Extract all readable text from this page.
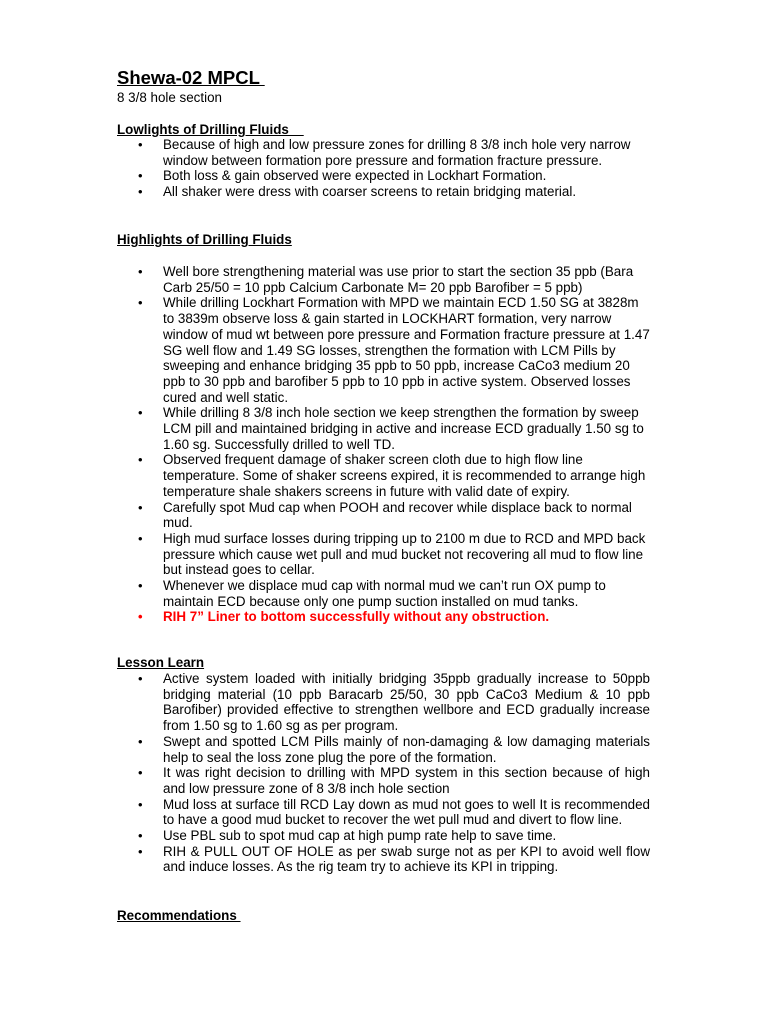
Shewa-02 MPCL
8 3/8 hole section
Lowlights of Drilling Fluids
• Because of high and low pressure zones for drilling 8 3/8 inch hole very narrow window between formation pore pressure and formation fracture pressure.
• Both loss & gain observed were expected in Lockhart Formation.
• All shaker were dress with coarser screens to retain bridging material.
Highlights of Drilling Fluids
• Well bore strengthening material was use prior to start the section 35 ppb (Bara Carb 25/50 = 10 ppb Calcium Carbonate M= 20 ppb Barofiber = 5 ppb)
• While drilling Lockhart Formation with MPD we maintain ECD 1.50 SG at 3828m to 3839m observe loss & gain started in LOCKHART formation, very narrow window of mud wt between pore pressure and Formation fracture pressure at 1.47 SG well flow and 1.49 SG losses, strengthen the formation with LCM Pills by sweeping and enhance bridging 35 ppb to 50 ppb, increase CaCo3 medium 20 ppb to 30 ppb and barofiber 5 ppb to 10 ppb in active system. Observed losses cured and well static.
• While drilling 8 3/8 inch hole section we keep strengthen the formation by sweep LCM pill and maintained bridging in active and increase ECD gradually 1.50 sg to 1.60 sg. Successfully drilled to well TD.
• Observed frequent damage of shaker screen cloth due to high flow line temperature. Some of shaker screens expired, it is recommended to arrange high temperature shale shakers screens in future with valid date of expiry.
• Carefully spot Mud cap when POOH and recover while displace back to normal mud.
• High mud surface losses during tripping up to 2100 m due to RCD and MPD back pressure which cause wet pull and mud bucket not recovering all mud to flow line but instead goes to cellar.
• Whenever we displace mud cap with normal mud we can’t run OX pump to maintain ECD because only one pump suction installed on mud tanks.
• RIH 7” Liner to bottom successfully without any obstruction.
Lesson Learn
• Active system loaded with initially bridging 35ppb gradually increase to 50ppb bridging material (10 ppb Baracarb 25/50, 30 ppb CaCo3 Medium & 10 ppb Barofiber) provided effective to strengthen wellbore and ECD gradually increase from 1.50 sg to 1.60 sg as per program.
• Swept and spotted LCM Pills mainly of non-damaging & low damaging materials help to seal the loss zone plug the pore of the formation.
• It was right decision to drilling with MPD system in this section because of high and low pressure zone of 8 3/8 inch hole section
• Mud loss at surface till RCD Lay down as mud not goes to well It is recommended to have a good mud bucket to recover the wet pull mud and divert to flow line.
• Use PBL sub to spot mud cap at high pump rate help to save time.
• RIH & PULL OUT OF HOLE as per swab surge not as per KPI to avoid well flow and induce losses. As the rig team try to achieve its KPI in tripping.
Recommendations
